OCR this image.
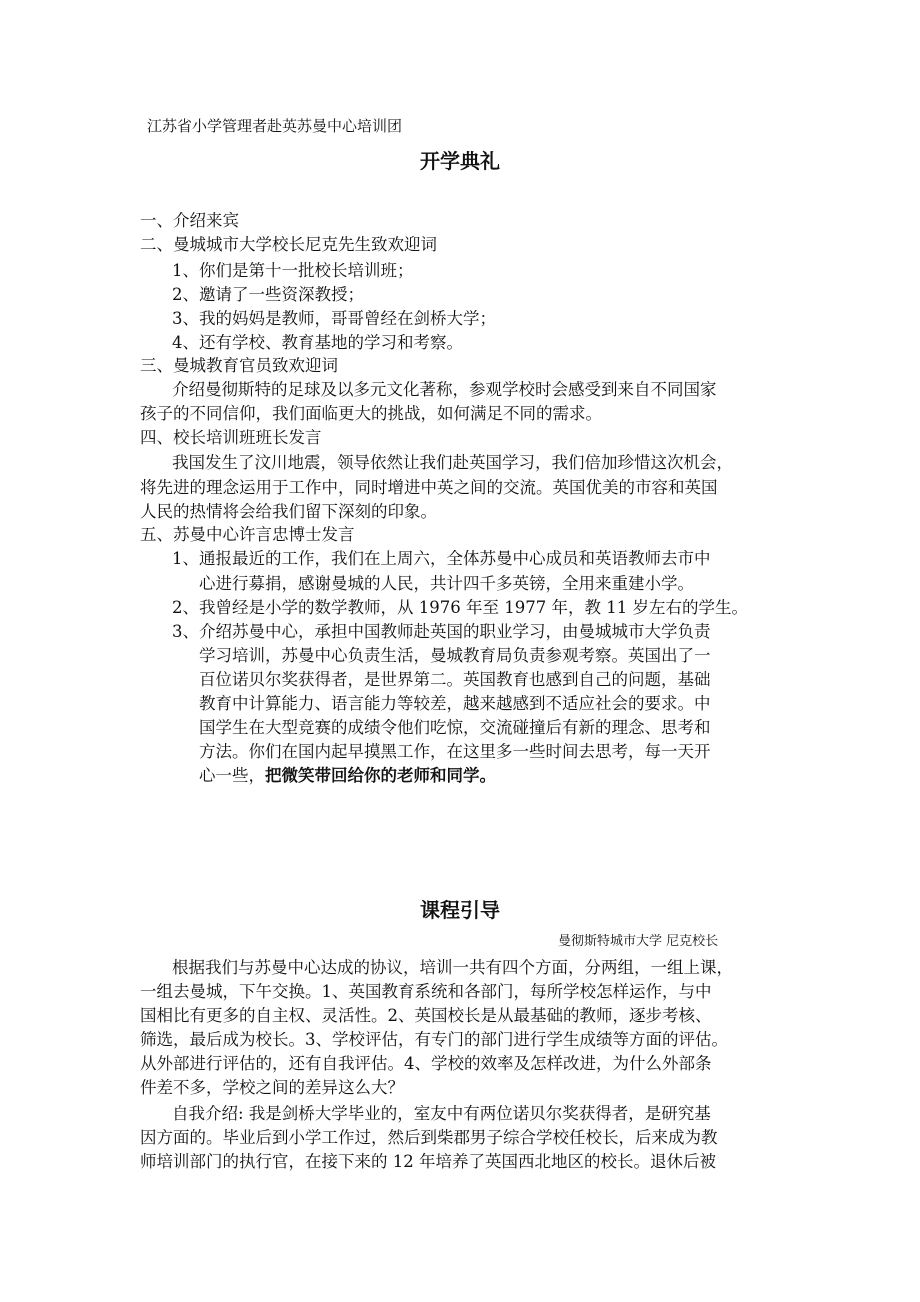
江苏省小学管理者赴英苏曼中心培训团
开学典礼
一、介绍来宾
二、曼城城市大学校长尼克先生致欢迎词
1、你们是第十一批校长培训班；
2、邀请了一些资深教授；
3、我的妈妈是教师，哥哥曾经在剑桥大学；
4、还有学校、教育基地的学习和考察。
三、曼城教育官员致欢迎词
介绍曼彻斯特的足球及以多元文化著称，参观学校时会感受到来自不同国家
孩子的不同信仰，我们面临更大的挑战，如何满足不同的需求。
四、校长培训班班长发言
我国发生了汶川地震，领导依然让我们赴英国学习，我们倍加珍惜这次机会，
将先进的理念运用于工作中，同时增进中英之间的交流。英国优美的市容和英国
人民的热情将会给我们留下深刻的印象。
五、苏曼中心许言忠博士发言
1、通报最近的工作，我们在上周六，全体苏曼中心成员和英语教师去市中
心进行募捐，感谢曼城的人民，共计四千多英镑，全用来重建小学。
2、我曾经是小学的数学教师，从 1976 年至 1977 年，教 11 岁左右的学生。
3、介绍苏曼中心，承担中国教师赴英国的职业学习，由曼城城市大学负责
学习培训，苏曼中心负责生活，曼城教育局负责参观考察。英国出了一
百位诺贝尔奖获得者，是世界第二。英国教育也感到自己的问题，基础
教育中计算能力、语言能力等较差，越来越感到不适应社会的要求。中
国学生在大型竞赛的成绩令他们吃惊，交流碰撞后有新的理念、思考和
方法。你们在国内起早摸黑工作，在这里多一些时间去思考，每一天开
心一些，把微笑带回给你的老师和同学。
课程引导
曼彻斯特城市大学 尼克校长
根据我们与苏曼中心达成的协议，培训一共有四个方面，分两组，一组上课，
一组去曼城，下午交换。1、英国教育系统和各部门，每所学校怎样运作，与中
国相比有更多的自主权、灵活性。2、英国校长是从最基础的教师，逐步考核、
筛选，最后成为校长。3、学校评估，有专门的部门进行学生成绩等方面的评估。
从外部进行评估的，还有自我评估。4、学校的效率及怎样改进，为什么外部条
件差不多，学校之间的差异这么大？
自我介绍: 我是剑桥大学毕业的，室友中有两位诺贝尔奖获得者，是研究基
因方面的。毕业后到小学工作过，然后到柴郡男子综合学校任校长，后来成为教
师培训部门的执行官，在接下来的 12 年培养了英国西北地区的校长。退休后被
